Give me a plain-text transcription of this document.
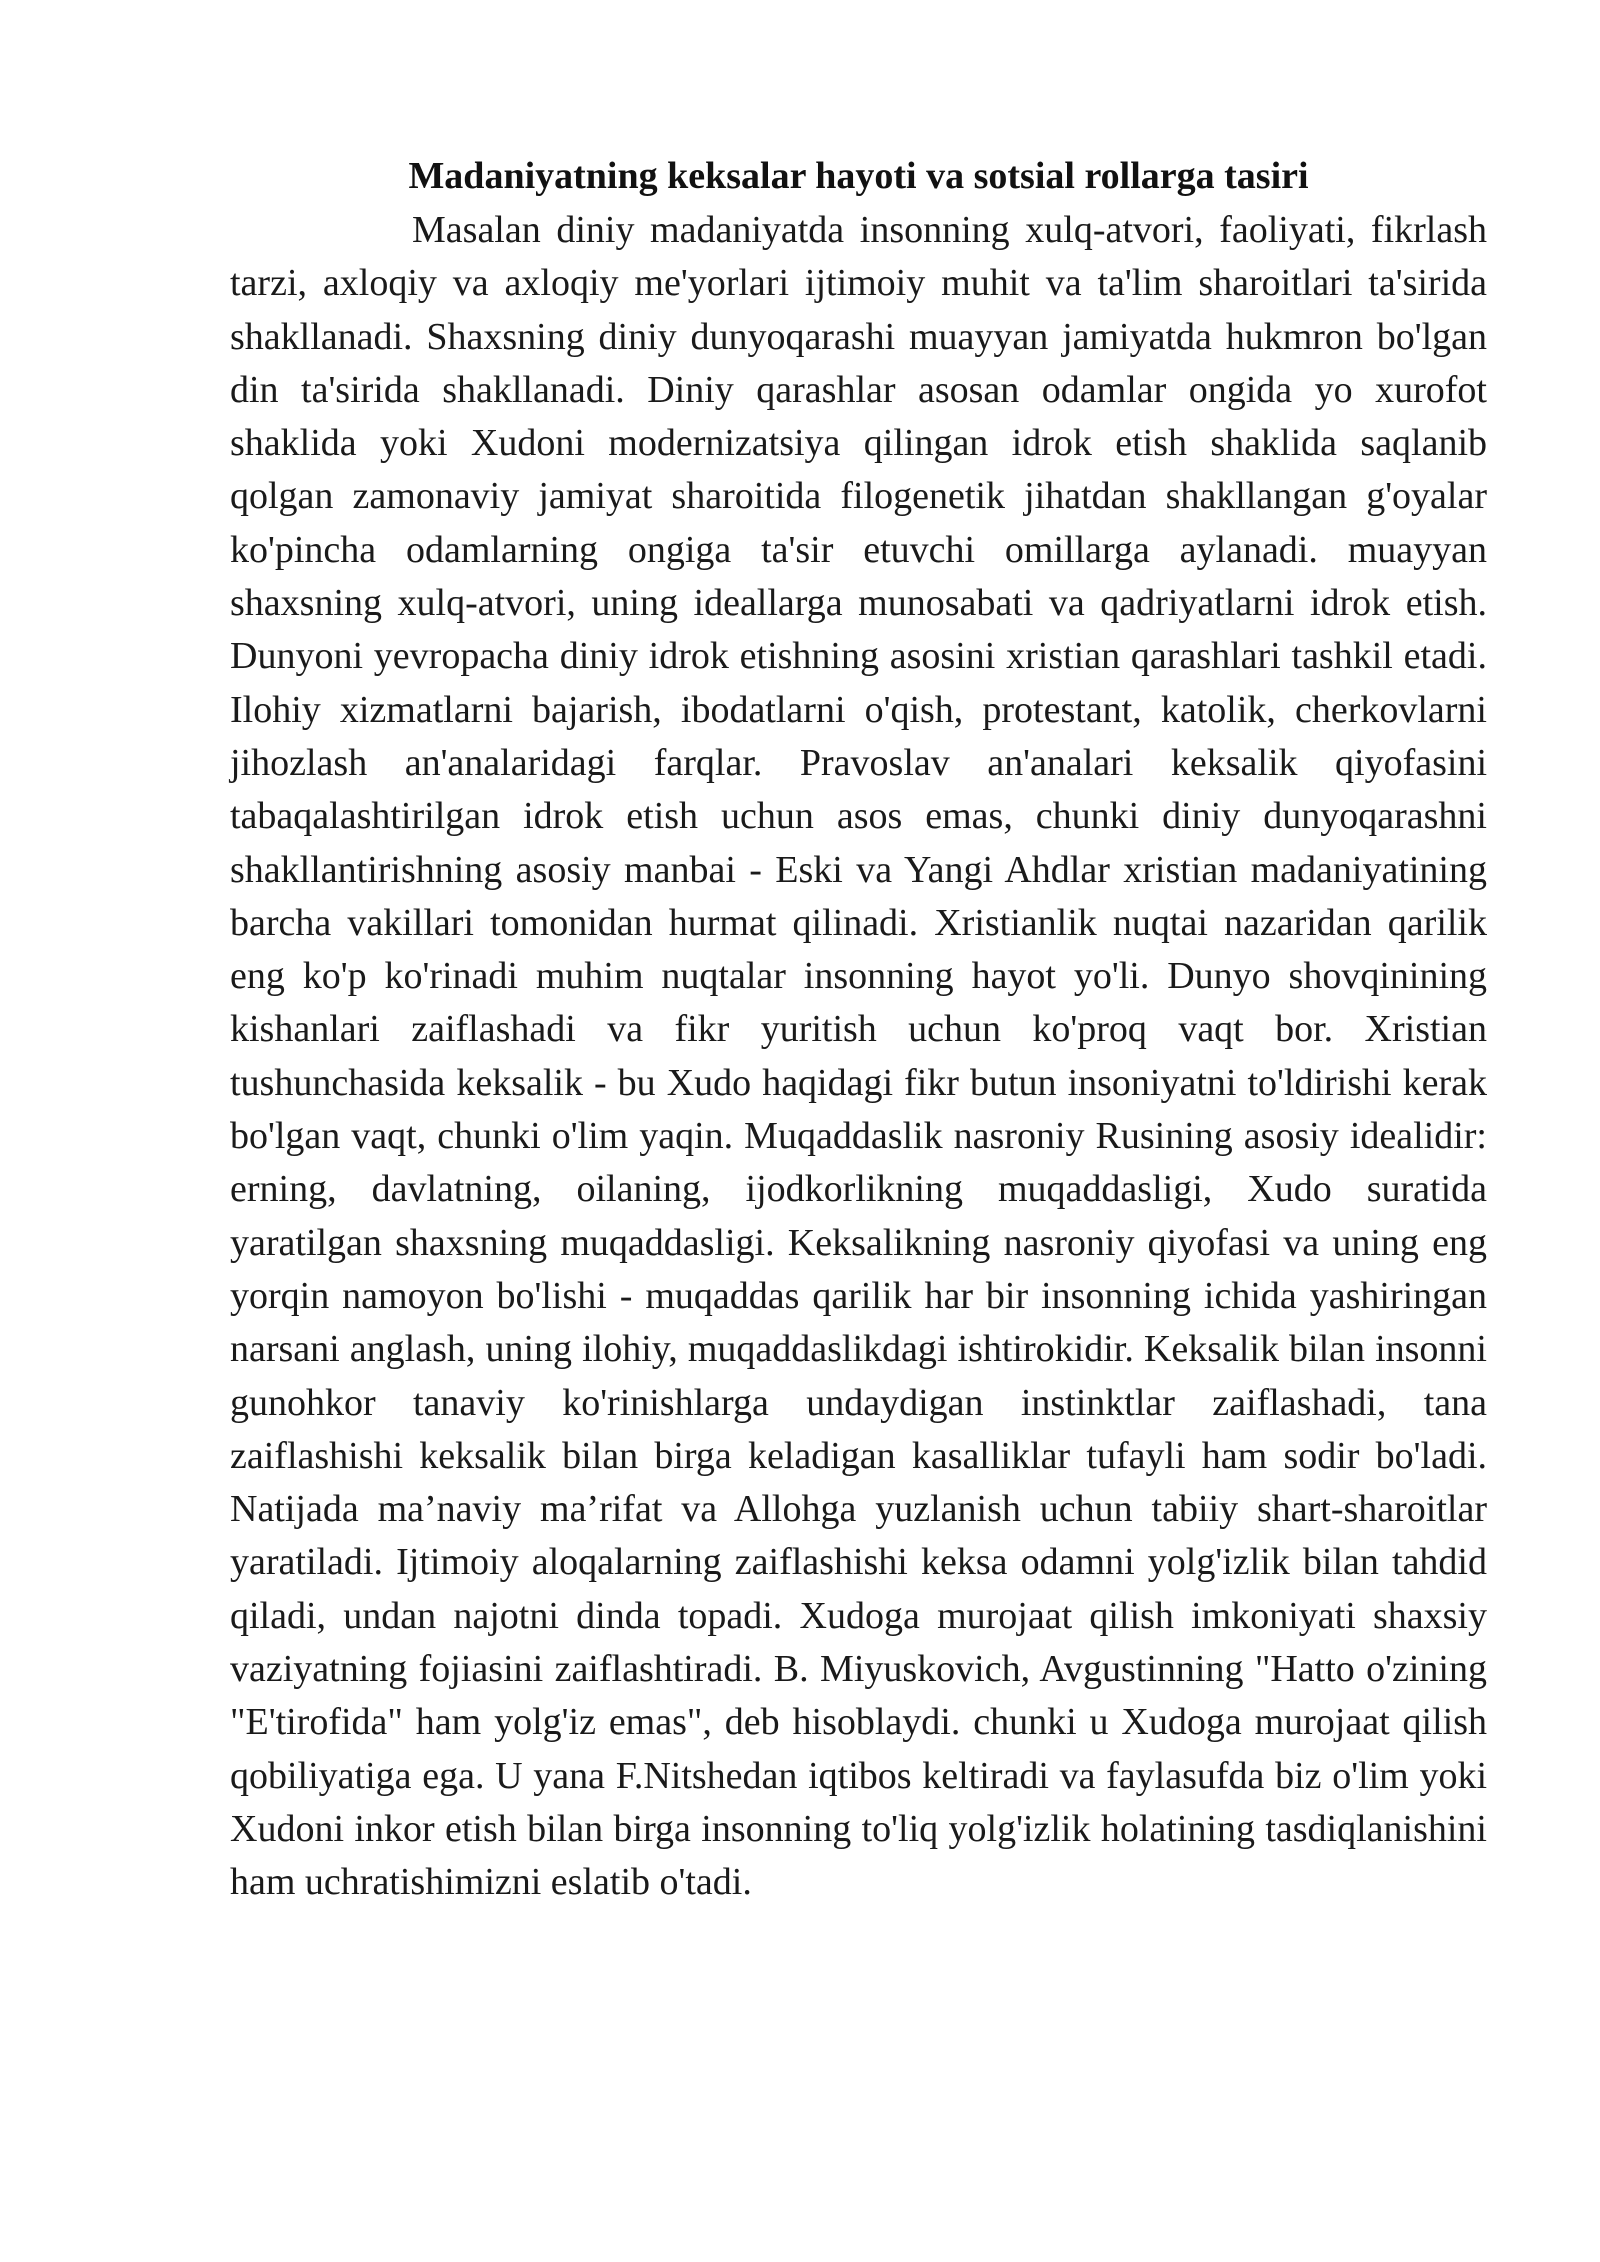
Madaniyatning keksalar hayoti va sotsial rollarga tasiri

Masalan diniy madaniyatda insonning xulq-atvori, faoliyati, fikrlash tarzi, axloqiy va axloqiy me'yorlari ijtimoiy muhit va ta'lim sharoitlari ta'sirida shakllanadi. Shaxsning diniy dunyoqarashi muayyan jamiyatda hukmron bo'lgan din ta'sirida shakllanadi. Diniy qarashlar asosan odamlar ongida yo xurofot shaklida yoki Xudoni modernizatsiya qilingan idrok etish shaklida saqlanib qolgan zamonaviy jamiyat sharoitida filogenetik jihatdan shakllangan g'oyalar ko'pincha odamlarning ongiga ta'sir etuvchi omillarga aylanadi. muayyan shaxsning xulq-atvori, uning ideallarga munosabati va qadriyatlarni idrok etish. Dunyoni yevropacha diniy idrok etishning asosini xristian qarashlari tashkil etadi. Ilohiy xizmatlarni bajarish, ibodatlarni o'qish, protestant, katolik, cherkovlarni jihozlash an'analaridagi farqlar. Pravoslav an'analari keksalik qiyofasini tabaqalashtirilgan idrok etish uchun asos emas, chunki diniy dunyoqarashni shakllantirishning asosiy manbai - Eski va Yangi Ahdlar xristian madaniyatining barcha vakillari tomonidan hurmat qilinadi. Xristianlik nuqtai nazaridan qarilik eng ko'p ko'rinadi muhim nuqtalar insonning hayot yo'li. Dunyo shovqinining kishanlari zaiflashadi va fikr yuritish uchun ko'proq vaqt bor. Xristian tushunchasida keksalik - bu Xudo haqidagi fikr butun insoniyatni to'ldirishi kerak bo'lgan vaqt, chunki o'lim yaqin. Muqaddaslik nasroniy Rusining asosiy idealidir: erning, davlatning, oilaning, ijodkorlikning muqaddasligi, Xudo suratida yaratilgan shaxsning muqaddasligi. Keksalikning nasroniy qiyofasi va uning eng yorqin namoyon bo'lishi - muqaddas qarilik har bir insonning ichida yashiringan narsani anglash, uning ilohiy, muqaddaslikdagi ishtirokidir. Keksalik bilan insonni gunohkor tanaviy ko'rinishlarga undaydigan instinktlar zaiflashadi, tana zaiflashishi keksalik bilan birga keladigan kasalliklar tufayli ham sodir bo'ladi. Natijada ma’naviy ma’rifat va Allohga yuzlanish uchun tabiiy shart-sharoitlar yaratiladi. Ijtimoiy aloqalarning zaiflashishi keksa odamni yolg'izlik bilan tahdid qiladi, undan najotni dinda topadi. Xudoga murojaat qilish imkoniyati shaxsiy vaziyatning fojiasini zaiflashtiradi. B. Miyuskovich, Avgustinning "Hatto o'zining "E'tirofida" ham yolg'iz emas", deb hisoblaydi. chunki u Xudoga murojaat qilish qobiliyatiga ega. U yana F.Nitshedan iqtibos keltiradi va faylasufda biz o'lim yoki Xudoni inkor etish bilan birga insonning to'liq yolg'izlik holatining tasdiqlanishini ham uchratishimizni eslatib o'tadi.
